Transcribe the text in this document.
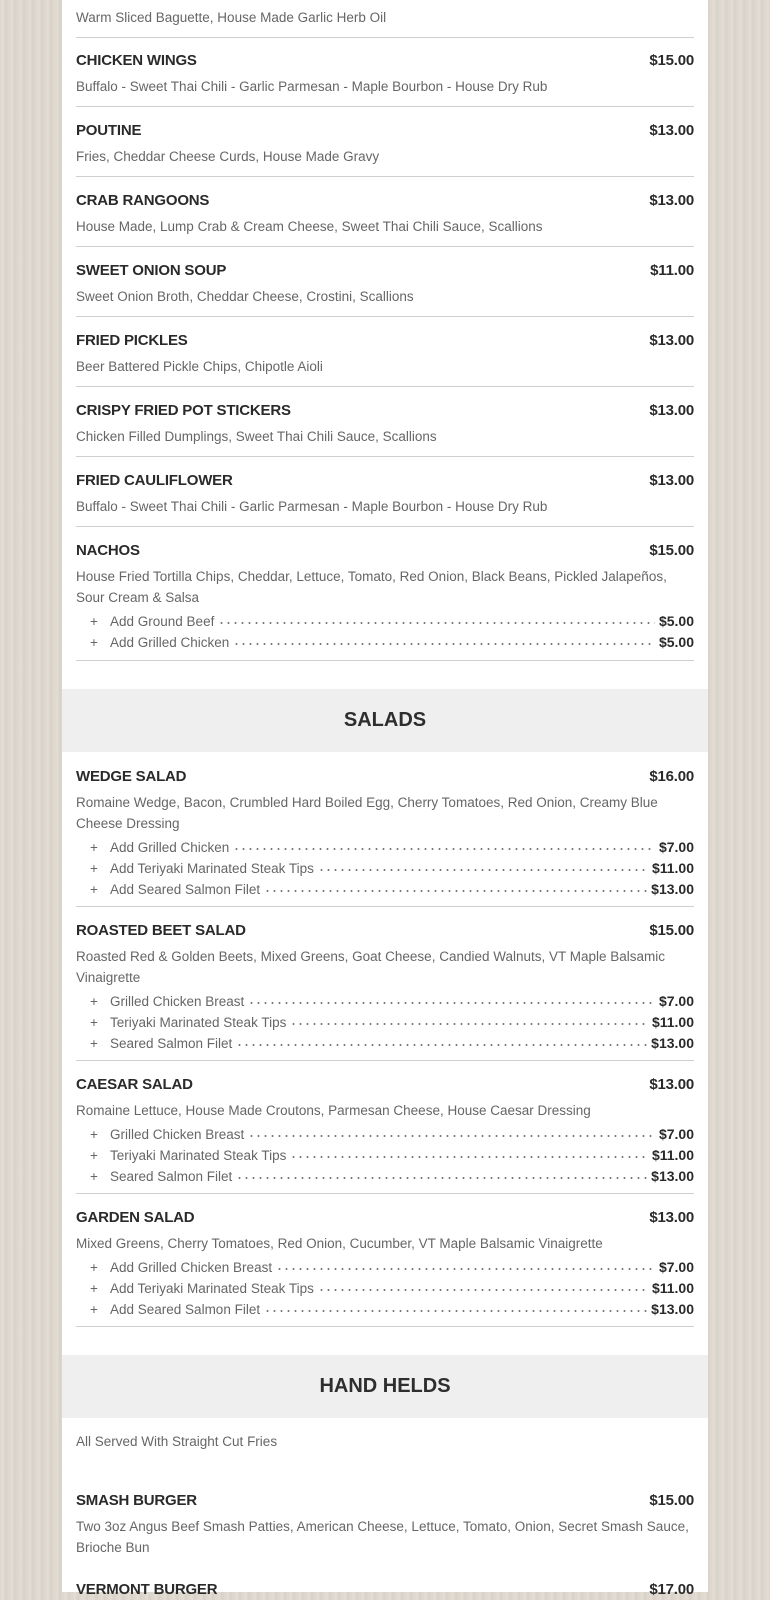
Warm Sliced Baguette, House Made Garlic Herb Oil
CHICKEN WINGS	$15.00
Buffalo - Sweet Thai Chili - Garlic Parmesan - Maple Bourbon - House Dry Rub
POUTINE	$13.00
Fries, Cheddar Cheese Curds, House Made Gravy
CRAB RANGOONS	$13.00
House Made, Lump Crab & Cream Cheese, Sweet Thai Chili Sauce, Scallions
SWEET ONION SOUP	$11.00
Sweet Onion Broth, Cheddar Cheese, Crostini, Scallions
FRIED PICKLES	$13.00
Beer Battered Pickle Chips, Chipotle Aioli
CRISPY FRIED POT STICKERS	$13.00
Chicken Filled Dumplings, Sweet Thai Chili Sauce, Scallions
FRIED CAULIFLOWER	$13.00
Buffalo - Sweet Thai Chili - Garlic Parmesan - Maple Bourbon - House Dry Rub
NACHOS	$15.00
House Fried Tortilla Chips, Cheddar, Lettuce, Tomato, Red Onion, Black Beans, Pickled Jalapeños, Sour Cream & Salsa
+ Add Ground Beef	$5.00
+ Add Grilled Chicken	$5.00
SALADS
WEDGE SALAD	$16.00
Romaine Wedge, Bacon, Crumbled Hard Boiled Egg, Cherry Tomatoes, Red Onion, Creamy Blue Cheese Dressing
+ Add Grilled Chicken	$7.00
+ Add Teriyaki Marinated Steak Tips	$11.00
+ Add Seared Salmon Filet	$13.00
ROASTED BEET SALAD	$15.00
Roasted Red & Golden Beets, Mixed Greens, Goat Cheese, Candied Walnuts, VT Maple Balsamic Vinaigrette
+ Grilled Chicken Breast	$7.00
+ Teriyaki Marinated Steak Tips	$11.00
+ Seared Salmon Filet	$13.00
CAESAR SALAD	$13.00
Romaine Lettuce, House Made Croutons, Parmesan Cheese, House Caesar Dressing
+ Grilled Chicken Breast	$7.00
+ Teriyaki Marinated Steak Tips	$11.00
+ Seared Salmon Filet	$13.00
GARDEN SALAD	$13.00
Mixed Greens, Cherry Tomatoes, Red Onion, Cucumber, VT Maple Balsamic Vinaigrette
+ Add Grilled Chicken Breast	$7.00
+ Add Teriyaki Marinated Steak Tips	$11.00
+ Add Seared Salmon Filet	$13.00
HAND HELDS
All Served With Straight Cut Fries
SMASH BURGER	$15.00
Two 3oz Angus Beef Smash Patties, American Cheese, Lettuce, Tomato, Onion, Secret Smash Sauce, Brioche Bun
VERMONT BURGER	$17.00
